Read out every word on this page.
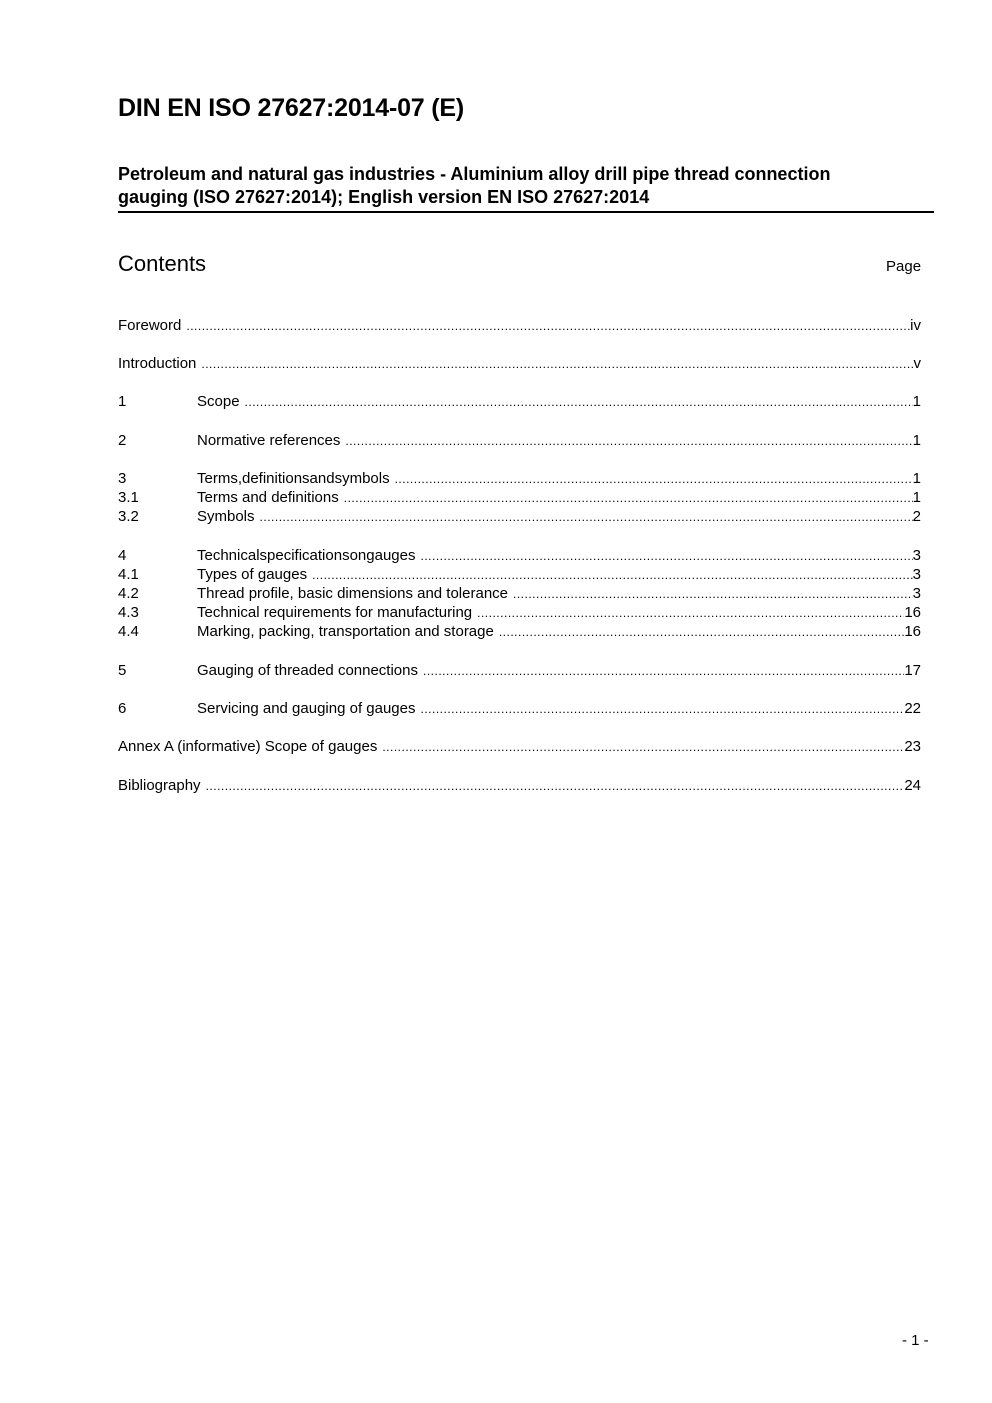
DIN EN ISO 27627:2014-07 (E)
Petroleum and natural gas industries - Aluminium alloy drill pipe thread connection
gauging (ISO 27627:2014); English version EN ISO 27627:2014
Contents	Page
Foreword .....	iv
Introduction .....	v
1	Scope .....	1
2	Normative references .....	1
3	Terms,definitionsandsymbols .....	1
3.1	Terms and definitions .....	1
3.2	Symbols .....	2
4	Technicalspecificationsongauges .....	3
4.1	Types of gauges .....	3
4.2	Thread profile, basic dimensions and tolerance .....	3
4.3	Technical requirements for manufacturing .....	16
4.4	Marking, packing, transportation and storage .....	16
5	Gauging of threaded connections .....	17
6	Servicing and gauging of gauges .....	22
Annex A (informative) Scope of gauges .....	23
Bibliography .....	24
- 1 -
